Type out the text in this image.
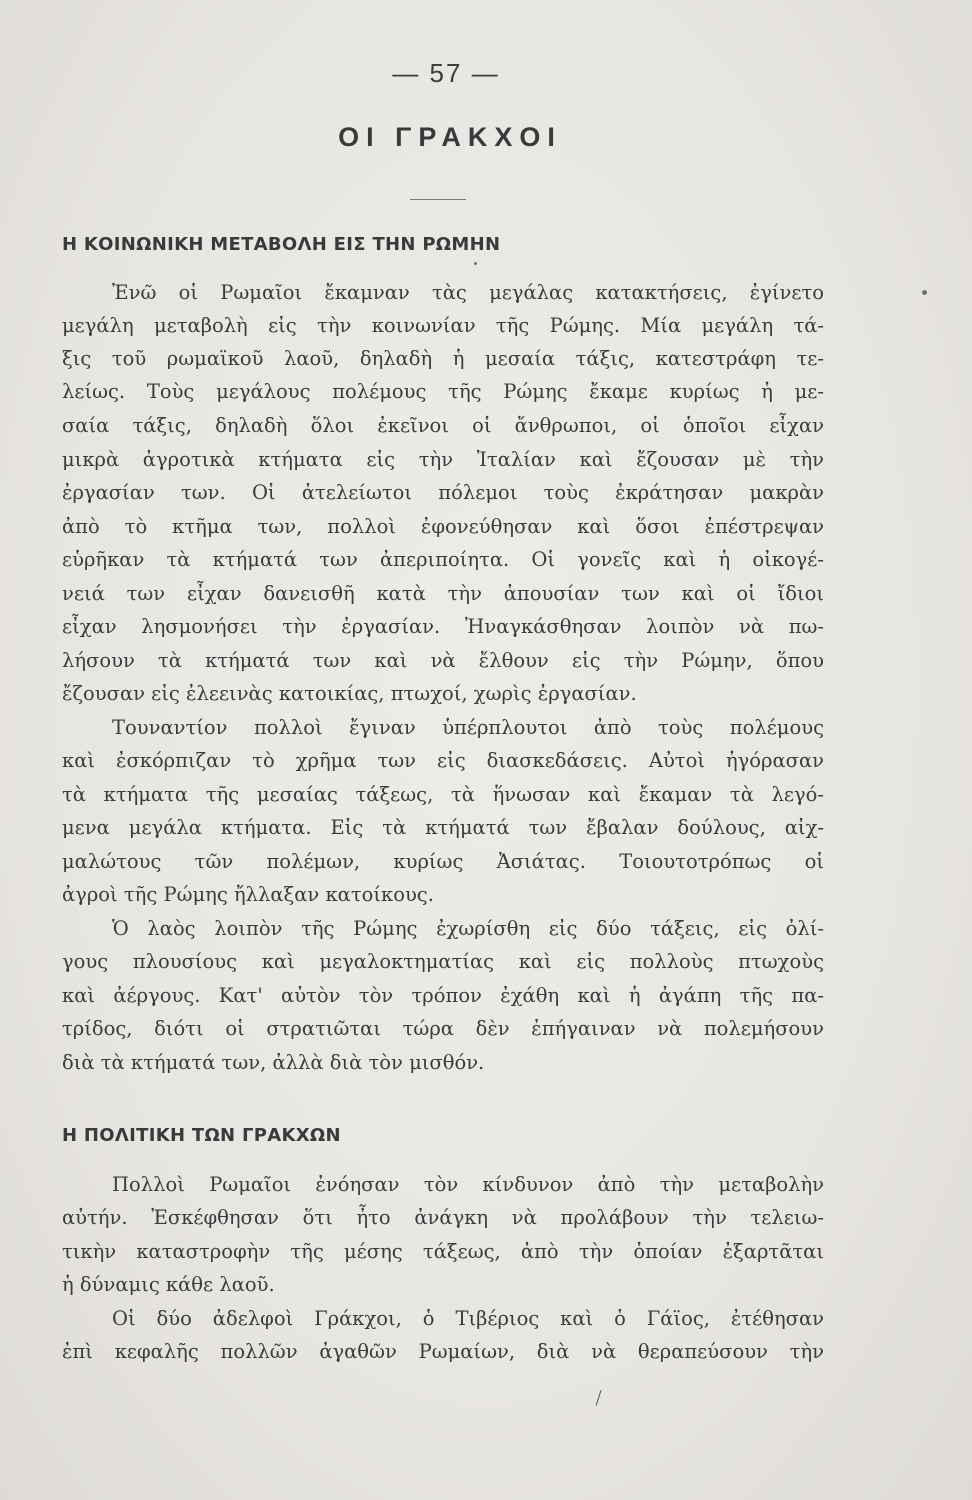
— 57 —
ΟΙ ΓΡΑΚΧΟΙ
Η ΚΟΙΝΩΝΙΚΗ ΜΕΤΑΒΟΛΗ ΕΙΣ ΤΗΝ ΡΩΜΗΝ
Ἐνῶ οἱ Ρωμαῖοι ἔκαμναν τὰς μεγάλας κατακτήσεις, ἐγίνετο
μεγάλη μεταβολὴ εἰς τὴν κοινωνίαν τῆς Ρώμης. Μία μεγάλη τά-
ξις τοῦ ρωμαϊκοῦ λαοῦ, δηλαδὴ ἡ μεσαία τάξις, κατεστράφη τε-
λείως. Τοὺς μεγάλους πολέμους τῆς Ρώμης ἔκαμε κυρίως ἡ με-
σαία τάξις, δηλαδὴ ὅλοι ἐκεῖνοι οἱ ἄνθρωποι, οἱ ὁποῖοι εἶχαν
μικρὰ ἀγροτικὰ κτήματα εἰς τὴν Ἰταλίαν καὶ ἔζουσαν μὲ τὴν
ἐργασίαν των. Οἱ ἀτελείωτοι πόλεμοι τοὺς ἐκράτησαν μακρὰν
ἀπὸ τὸ κτῆμα των, πολλοὶ ἐφονεύθησαν καὶ ὅσοι ἐπέστρεψαν
εὑρῆκαν τὰ κτήματά των ἀπεριποίητα. Οἱ γονεῖς καὶ ἡ οἰκογέ-
νειά των εἶχαν δανεισθῆ κατὰ τὴν ἀπουσίαν των καὶ οἱ ἴδιοι
εἶχαν λησμονήσει τὴν ἐργασίαν. Ἠναγκάσθησαν λοιπὸν νὰ πω-
λήσουν τὰ κτήματά των καὶ νὰ ἔλθουν εἰς τὴν Ρώμην, ὅπου
ἔζουσαν εἰς ἐλεεινὰς κατοικίας, πτωχοί, χωρὶς ἐργασίαν.
Τουναντίον πολλοὶ ἔγιναν ὑπέρπλουτοι ἀπὸ τοὺς πολέμους
καὶ ἐσκόρπιζαν τὸ χρῆμα των εἰς διασκεδάσεις. Αὐτοὶ ἠγόρασαν
τὰ κτήματα τῆς μεσαίας τάξεως, τὰ ἥνωσαν καὶ ἔκαμαν τὰ λεγό-
μενα μεγάλα κτήματα. Εἰς τὰ κτήματά των ἔβαλαν δούλους, αἰχ-
μαλώτους τῶν πολέμων, κυρίως Ἀσιάτας. Τοιουτοτρόπως οἱ
ἀγροὶ τῆς Ρώμης ἤλλαξαν κατοίκους.
Ὁ λαὸς λοιπὸν τῆς Ρώμης ἐχωρίσθη εἰς δύο τάξεις, εἰς ὀλί-
γους πλουσίους καὶ μεγαλοκτηματίας καὶ εἰς πολλοὺς πτωχοὺς
καὶ ἀέργους. Κατ' αὐτὸν τὸν τρόπον ἐχάθη καὶ ἡ ἀγάπη τῆς πα-
τρίδος, διότι οἱ στρατιῶται τώρα δὲν ἐπήγαιναν νὰ πολεμήσουν
διὰ τὰ κτήματά των, ἀλλὰ διὰ τὸν μισθόν.
Η ΠΟΛΙΤΙΚΗ ΤΩΝ ΓΡΑΚΧΩΝ
Πολλοὶ Ρωμαῖοι ἐνόησαν τὸν κίνδυνον ἀπὸ τὴν μεταβολὴν
αὐτήν. Ἐσκέφθησαν ὅτι ἦτο ἀνάγκη νὰ προλάβουν τὴν τελειω-
τικὴν καταστροφὴν τῆς μέσης τάξεως, ἀπὸ τὴν ὁποίαν ἐξαρτᾶται
ἡ δύναμις κάθε λαοῦ.
Οἱ δύο ἀδελφοὶ Γράκχοι, ὁ Τιβέριος καὶ ὁ Γάϊος, ἐτέθησαν
ἐπὶ κεφαλῆς πολλῶν ἀγαθῶν Ρωμαίων, διὰ νὰ θεραπεύσουν τὴν
